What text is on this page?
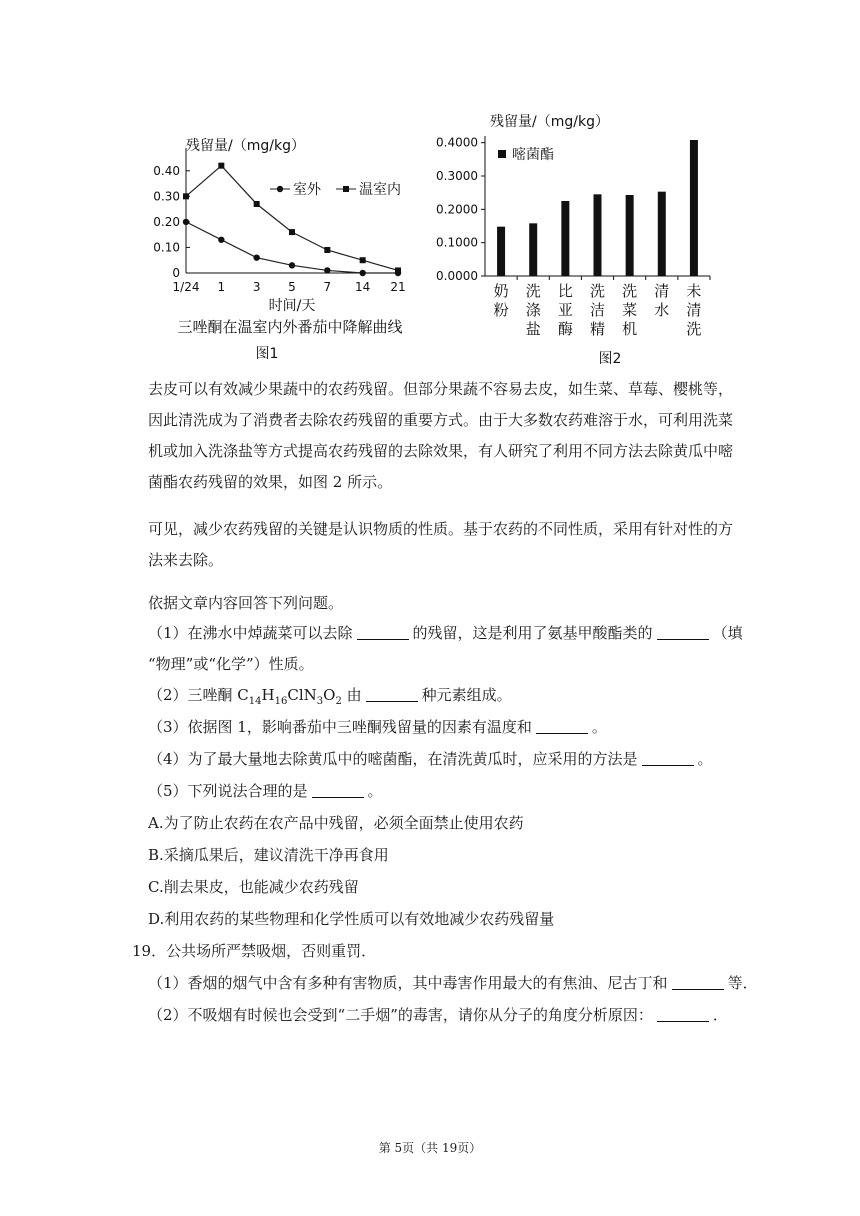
残留量/（mg/kg）
0
0.10
0.20
0.30
0.40
1/24 1 3 5 7 14 21
时间/天
三唑酮在温室内外番茄中降解曲线
图1
室外	温室内
残留量/（mg/kg）
0.0000
0.1000
0.2000
0.3000
0.4000
奶
粉
洗
涤
盐
比
亚
酶
洗
洁
精
洗
菜
机
清
水
未
清
洗
嘧菌酯
图2

去皮可以有效减少果蔬中的农药残留。但部分果蔬不容易去皮，如生菜、草莓、樱桃等，因此清洗成为了消费者去除农药残留的重要方式。由于大多数农药难溶于水，可利用洗菜机或加入洗涤盐等方式提高农药残留的去除效果，有人研究了利用不同方法去除黄瓜中嘧菌酯农药残留的效果，如图 2 所示。

可见，减少农药残留的关键是认识物质的性质。基于农药的不同性质，采用有针对性的方法来去除。

依据文章内容回答下列问题。
（1）在沸水中焯蔬菜可以去除	的残留，这是利用了氨基甲酸酯类的	（填
“物理”或“化学”）性质。
（2）三唑酮 $C_{14}H_{16}ClN_3O_2$ 由	种元素组成。
（3）依据图 1，影响番茄中三唑酮残留量的因素有温度和	。
（4）为了最大量地去除黄瓜中的嘧菌酯，在清洗黄瓜时，应采用的方法是	。
（5）下列说法合理的是	。
A.为了防止农药在农产品中残留，必须全面禁止使用农药
B.采摘瓜果后，建议清洗干净再食用
C.削去果皮，也能减少农药残留
D.利用农药的某些物理和化学性质可以有效地减少农药残留量
19．公共场所严禁吸烟，否则重罚．
（1）香烟的烟气中含有多种有害物质，其中毒害作用最大的有焦油、尼古丁和	等．
（2）不吸烟有时候也会受到“二手烟”的毒害，请你从分子的角度分析原因：	．
第 5页（共 19页）
